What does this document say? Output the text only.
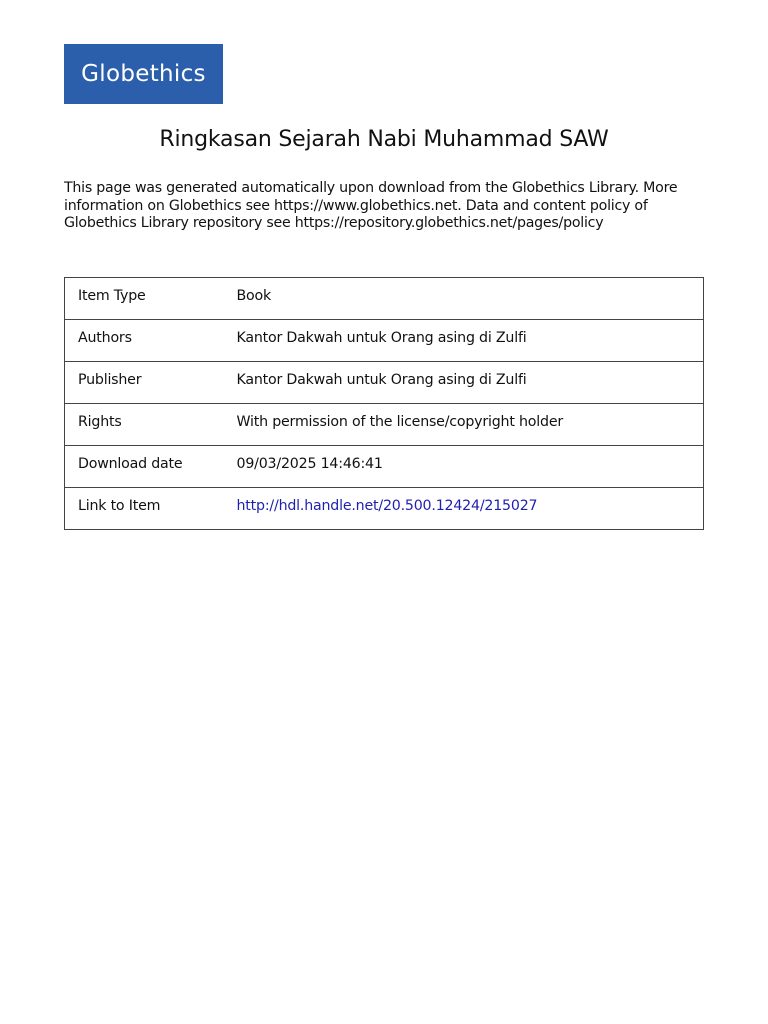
Globethics
Ringkasan Sejarah Nabi Muhammad SAW

This page was generated automatically upon download from the Globethics Library. More information on Globethics see https://www.globethics.net. Data and content policy of Globethics Library repository see https://repository.globethics.net/pages/policy

Item Type	Book
Authors	Kantor Dakwah untuk Orang asing di Zulfi
Publisher	Kantor Dakwah untuk Orang asing di Zulfi
Rights	With permission of the license/copyright holder
Download date	09/03/2025 14:46:41
Link to Item	http://hdl.handle.net/20.500.12424/215027
